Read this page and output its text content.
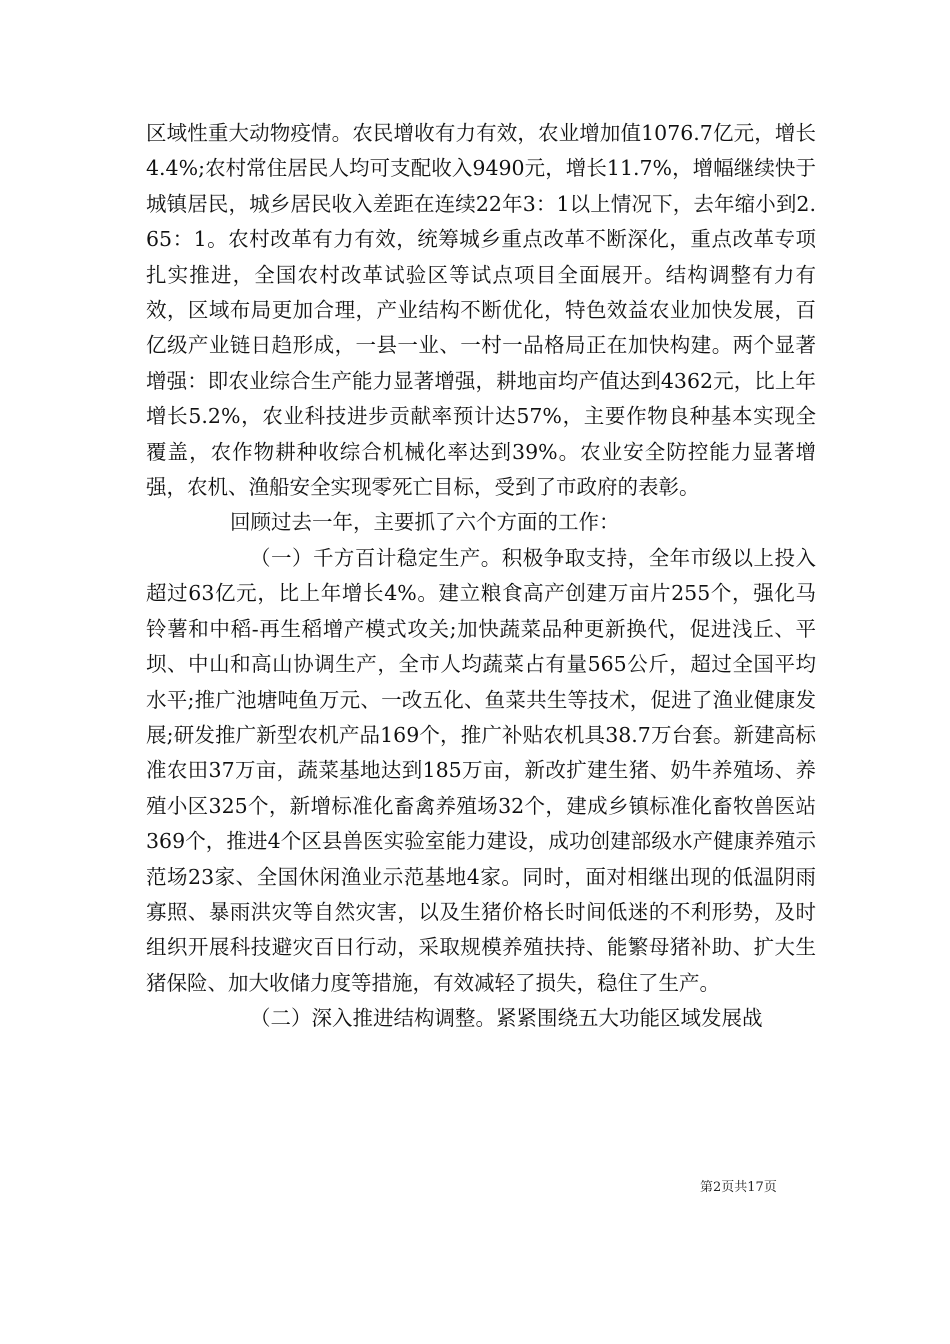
区域性重大动物疫情。农民增收有力有效，农业增加值1076.7亿元，增长4.4%;农村常住居民人均可支配收入9490元，增长11.7%，增幅继续快于城镇居民，城乡居民收入差距在连续22年3：1以上情况下，去年缩小到2.65：1。农村改革有力有效，统筹城乡重点改革不断深化，重点改革专项扎实推进，全国农村改革试验区等试点项目全面展开。结构调整有力有效，区域布局更加合理，产业结构不断优化，特色效益农业加快发展，百亿级产业链日趋形成，一县一业、一村一品格局正在加快构建。两个显著增强：即农业综合生产能力显著增强，耕地亩均产值达到4362元，比上年增长5.2%，农业科技进步贡献率预计达57%，主要作物良种基本实现全覆盖，农作物耕种收综合机械化率达到39%。农业安全防控能力显著增强，农机、渔船安全实现零死亡目标，受到了市政府的表彰。

回顾过去一年，主要抓了六个方面的工作：

（一）千方百计稳定生产。积极争取支持，全年市级以上投入超过63亿元，比上年增长4%。建立粮食高产创建万亩片255个，强化马铃薯和中稻-再生稻增产模式攻关;加快蔬菜品种更新换代，促进浅丘、平坝、中山和高山协调生产，全市人均蔬菜占有量565公斤，超过全国平均水平;推广池塘吨鱼万元、一改五化、鱼菜共生等技术，促进了渔业健康发展;研发推广新型农机产品169个，推广补贴农机具38.7万台套。新建高标准农田37万亩，蔬菜基地达到185万亩，新改扩建生猪、奶牛养殖场、养殖小区325个，新增标准化畜禽养殖场32个，建成乡镇标准化畜牧兽医站369个，推进4个区县兽医实验室能力建设，成功创建部级水产健康养殖示范场23家、全国休闲渔业示范基地4家。同时，面对相继出现的低温阴雨寡照、暴雨洪灾等自然灾害，以及生猪价格长时间低迷的不利形势，及时组织开展科技避灾百日行动，采取规模养殖扶持、能繁母猪补助、扩大生猪保险、加大收储力度等措施，有效减轻了损失，稳住了生产。

（二）深入推进结构调整。紧紧围绕五大功能区域发展战

第2页共17页
